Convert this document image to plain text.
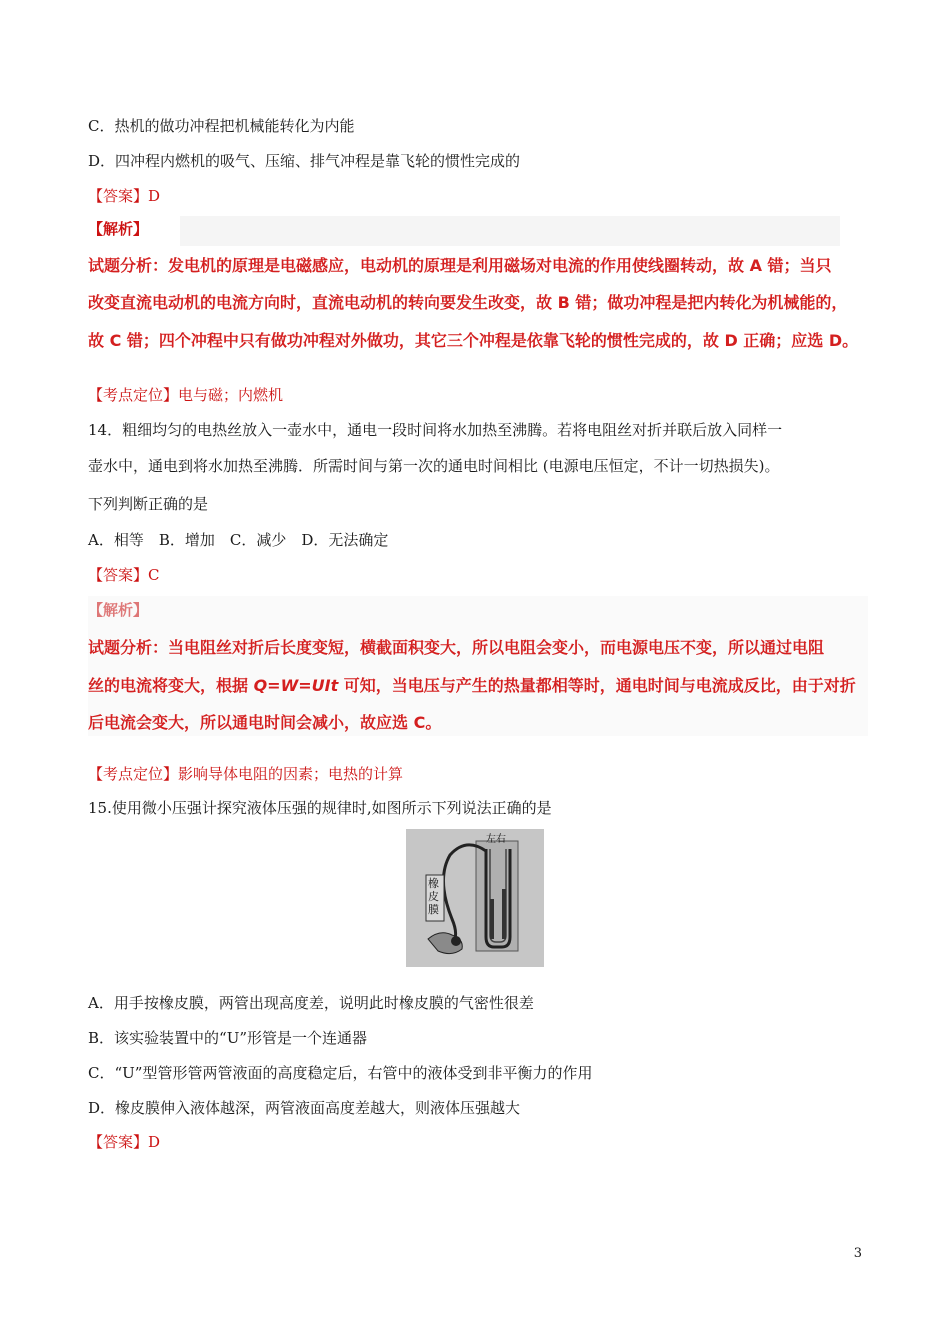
C．热机的做功冲程把机械能转化为内能
D．四冲程内燃机的吸气、压缩、排气冲程是靠飞轮的惯性完成的
【答案】D
【解析】
试题分析：发电机的原理是电磁感应，电动机的原理是利用磁场对电流的作用使线圈转动，故 A 错；当只
改变直流电动机的电流方向时，直流电动机的转向要发生改变，故 B 错；做功冲程是把内转化为机械能的，
故 C 错；四个冲程中只有做功冲程对外做功，其它三个冲程是依靠飞轮的惯性完成的，故 D 正确；应选 D。
【考点定位】电与磁；内燃机
14．粗细均匀的电热丝放入一壶水中，通电一段时间将水加热至沸腾。若将电阻丝对折并联后放入同样一
壶水中，通电到将水加热至沸腾．所需时间与第一次的通电时间相比 (电源电压恒定，不计一切热损失)。
下列判断正确的是
A．相等　B．增加　C．减少　D．无法确定
【答案】C
【解析】
试题分析：当电阻丝对折后长度变短，横截面积变大，所以电阻会变小，而电源电压不变，所以通过电阻
丝的电流将变大，根据 Q=W=UIt 可知，当电压与产生的热量都相等时，通电时间与电流成反比，由于对折
后电流会变大，所以通电时间会减小，故应选 C。
【考点定位】影响导体电阻的因素；电热的计算
15.使用微小压强计探究液体压强的规律时,如图所示下列说法正确的是
橡皮膜
左右
A．用手按橡皮膜，两管出现高度差，说明此时橡皮膜的气密性很差
B．该实验装置中的“U”形管是一个连通器
C．“U”型管形管两管液面的高度稳定后，右管中的液体受到非平衡力的作用
D．橡皮膜伸入液体越深，两管液面高度差越大，则液体压强越大
【答案】D
3
